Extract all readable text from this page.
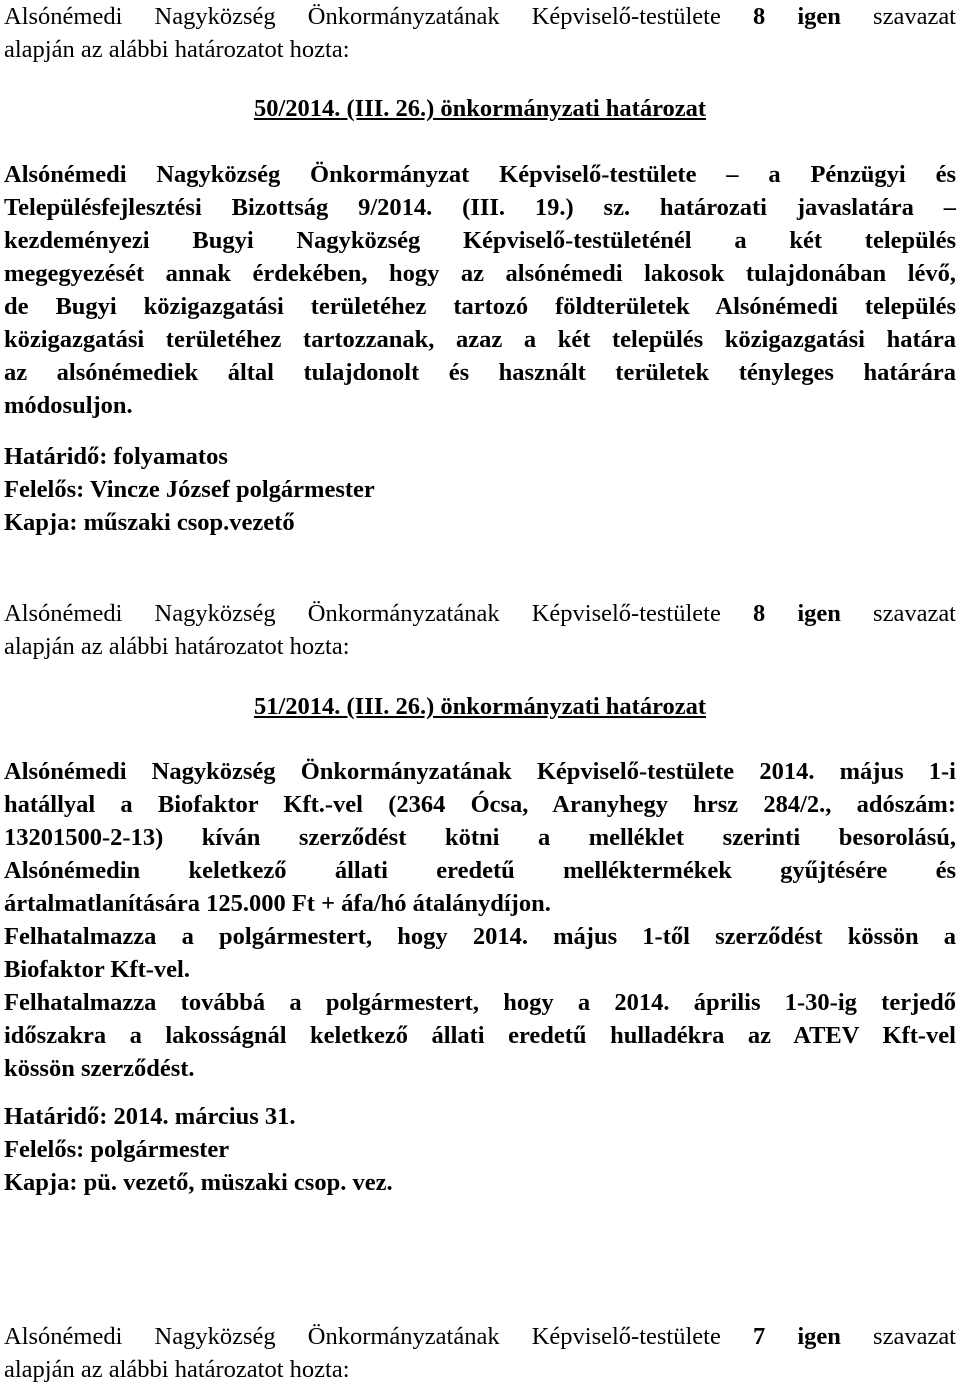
Alsónémedi Nagyközség Önkormányzatának Képviselő-testülete 8 igen szavazat

alapján az alábbi határozatot hozta:

50/2014. (III. 26.) önkormányzati határozat

Alsónémedi Nagyközség Önkormányzat Képviselő-testülete – a Pénzügyi és

Településfejlesztési Bizottság 9/2014. (III. 19.) sz. határozati javaslatára –

kezdeményezi Bugyi Nagyközség Képviselő-testületénél a két település

megegyezését annak érdekében, hogy az alsónémedi lakosok tulajdonában lévő,

de Bugyi közigazgatási területéhez tartozó földterületek Alsónémedi település

közigazgatási területéhez tartozzanak, azaz a két település közigazgatási határa

az alsónémediek által tulajdonolt és használt területek tényleges határára

módosuljon.

Határidő: folyamatos

Felelős: Vincze József polgármester

Kapja: műszaki csop.vezető

Alsónémedi Nagyközség Önkormányzatának Képviselő-testülete 8 igen szavazat

alapján az alábbi határozatot hozta:

51/2014. (III. 26.) önkormányzati határozat

Alsónémedi Nagyközség Önkormányzatának Képviselő-testülete 2014. május 1-i

hatállyal a Biofaktor Kft.-vel (2364 Ócsa, Aranyhegy hrsz 284/2., adószám:

13201500-2-13) kíván szerződést kötni a melléklet szerinti besorolású,

Alsónémedin keletkező állati eredetű melléktermékek gyűjtésére és

ártalmatlanítására 125.000 Ft + áfa/hó átalánydíjon.

Felhatalmazza a polgármestert, hogy 2014. május 1-től szerződést kössön a

Biofaktor Kft-vel.

Felhatalmazza továbbá a polgármestert, hogy a 2014. április 1-30-ig terjedő

időszakra a lakosságnál keletkező állati eredetű hulladékra az ATEV Kft-vel

kössön szerződést.

Határidő: 2014. március 31.

Felelős: polgármester

Kapja: pü. vezető, müszaki csop. vez.

Alsónémedi Nagyközség Önkormányzatának Képviselő-testülete 7 igen szavazat

alapján az alábbi határozatot hozta:
